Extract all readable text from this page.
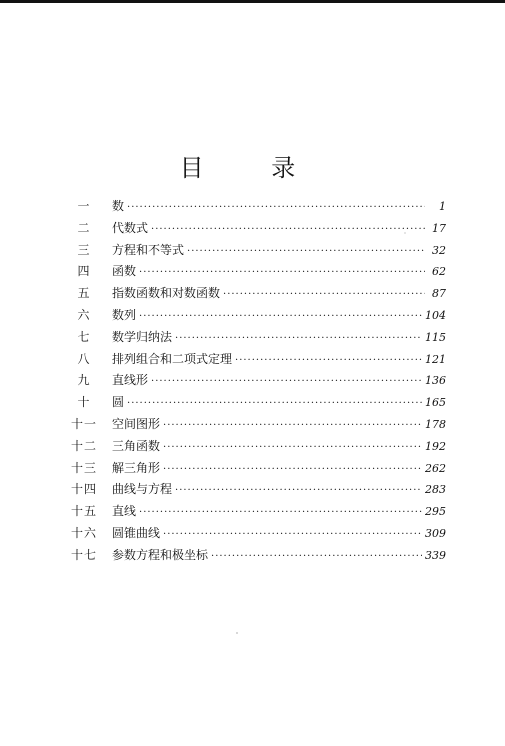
目 录
一	数 ·····	1
二	代数式 ·····	17
三	方程和不等式 ·····	32
四	函数 ·····	62
五	指数函数和对数函数 ·····	87
六	数列 ·····	104
七	数学归纳法 ·····	115
八	排列组合和二项式定理 ·····	121
九	直线形 ·····	136
十	圆 ·····	165
十一	空间图形 ·····	178
十二	三角函数 ·····	192
十三	解三角形 ·····	262
十四	曲线与方程 ·····	283
十五	直线 ·····	295
十六	圆锥曲线 ·····	309
十七	参数方程和极坐标 ·····	339
